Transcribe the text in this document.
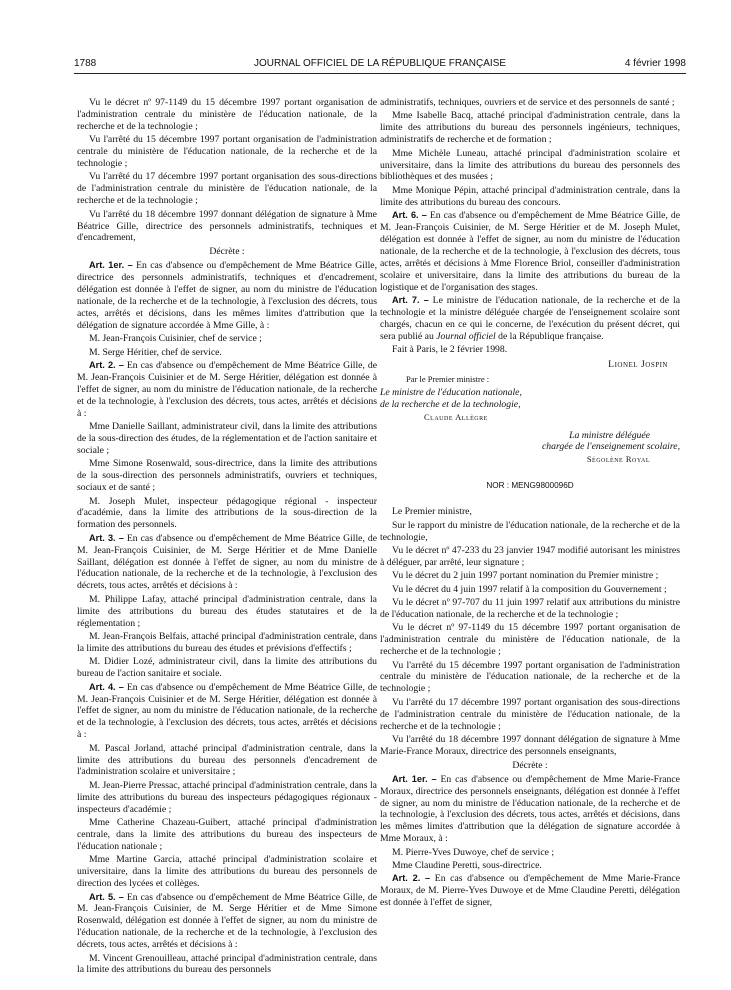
1788	JOURNAL OFFICIEL DE LA RÉPUBLIQUE FRANÇAISE	4 février 1998

Vu le décret nº 97-1149 du 15 décembre 1997 portant organisation de l'administration centrale du ministère de l'éducation nationale, de la recherche et de la technologie ;

Vu l'arrêté du 15 décembre 1997 portant organisation de l'administration centrale du ministère de l'éducation nationale, de la recherche et de la technologie ;

Vu l'arrêté du 17 décembre 1997 portant organisation des sous-directions de l'administration centrale du ministère de l'éducation nationale, de la recherche et de la technologie ;

Vu l'arrêté du 18 décembre 1997 donnant délégation de signature à Mme Béatrice Gille, directrice des personnels administratifs, techniques et d'encadrement,

Décrète :

Art. 1er. – En cas d'absence ou d'empêchement de Mme Béatrice Gille, directrice des personnels administratifs, techniques et d'encadrement, délégation est donnée à l'effet de signer, au nom du ministre de l'éducation nationale, de la recherche et de la technologie, à l'exclusion des décrets, tous actes, arrêtés et décisions, dans les mêmes limites d'attribution que la délégation de signature accordée à Mme Gille, à :

M. Jean-François Cuisinier, chef de service ;

M. Serge Héritier, chef de service.

Art. 2. – En cas d'absence ou d'empêchement de Mme Béatrice Gille, de M. Jean-François Cuisinier et de M. Serge Héritier, délégation est donnée à l'effet de signer, au nom du ministre de l'éducation nationale, de la recherche et de la technologie, à l'exclusion des décrets, tous actes, arrêtés et décisions à :

Mme Danielle Saillant, administrateur civil, dans la limite des attributions de la sous-direction des études, de la réglementation et de l'action sanitaire et sociale ;

Mme Simone Rosenwald, sous-directrice, dans la limite des attributions de la sous-direction des personnels administratifs, ouvriers et techniques, sociaux et de santé ;

M. Joseph Mulet, inspecteur pédagogique régional - inspecteur d'académie, dans la limite des attributions de la sous-direction de la formation des personnels.

Art. 3. – En cas d'absence ou d'empêchement de Mme Béatrice Gille, de M. Jean-François Cuisinier, de M. Serge Héritier et de Mme Danielle Saillant, délégation est donnée à l'effet de signer, au nom du ministre de l'éducation nationale, de la recherche et de la technologie, à l'exclusion des décrets, tous actes, arrêtés et décisions à :

M. Philippe Lafay, attaché principal d'administration centrale, dans la limite des attributions du bureau des études statutaires et de la réglementation ;

M. Jean-François Belfais, attaché principal d'administration centrale, dans la limite des attributions du bureau des études et prévisions d'effectifs ;

M. Didier Lozé, administrateur civil, dans la limite des attributions du bureau de l'action sanitaire et sociale.

Art. 4. – En cas d'absence ou d'empêchement de Mme Béatrice Gille, de M. Jean-François Cuisinier et de M. Serge Héritier, délégation est donnée à l'effet de signer, au nom du ministre de l'éducation nationale, de la recherche et de la technologie, à l'exclusion des décrets, tous actes, arrêtés et décisions à :

M. Pascal Jorland, attaché principal d'administration centrale, dans la limite des attributions du bureau des personnels d'encadrement de l'administration scolaire et universitaire ;

M. Jean-Pierre Pressac, attaché principal d'administration centrale, dans la limite des attributions du bureau des inspecteurs pédagogiques régionaux - inspecteurs d'académie ;

Mme Catherine Chazeau-Guibert, attaché principal d'administration centrale, dans la limite des attributions du bureau des inspecteurs de l'éducation nationale ;

Mme Martine Garcia, attaché principal d'administration scolaire et universitaire, dans la limite des attributions du bureau des personnels de direction des lycées et collèges.

Art. 5. – En cas d'absence ou d'empêchement de Mme Béatrice Gille, de M. Jean-François Cuisinier, de M. Serge Héritier et de Mme Simone Rosenwald, délégation est donnée à l'effet de signer, au nom du ministre de l'éducation nationale, de la recherche et de la technologie, à l'exclusion des décrets, tous actes, arrêtés et décisions à :

M. Vincent Grenouilleau, attaché principal d'administration centrale, dans la limite des attributions du bureau des personnels

administratifs, techniques, ouvriers et de service et des personnels de santé ;

Mme Isabelle Bacq, attaché principal d'administration centrale, dans la limite des attributions du bureau des personnels ingénieurs, techniques, administratifs de recherche et de formation ;

Mme Michèle Luneau, attaché principal d'administration scolaire et universitaire, dans la limite des attributions du bureau des personnels des bibliothèques et des musées ;

Mme Monique Pépin, attaché principal d'administration centrale, dans la limite des attributions du bureau des concours.

Art. 6. – En cas d'absence ou d'empêchement de Mme Béatrice Gille, de M. Jean-François Cuisinier, de M. Serge Héritier et de M. Joseph Mulet, délégation est donnée à l'effet de signer, au nom du ministre de l'éducation nationale, de la recherche et de la technologie, à l'exclusion des décrets, tous actes, arrêtés et décisions à Mme Florence Briol, conseiller d'administration scolaire et universitaire, dans la limite des attributions du bureau de la logistique et de l'organisation des stages.

Art. 7. – Le ministre de l'éducation nationale, de la recherche et de la technologie et la ministre déléguée chargée de l'enseignement scolaire sont chargés, chacun en ce qui le concerne, de l'exécution du présent décret, qui sera publié au Journal officiel de la République française.

Fait à Paris, le 2 février 1998.

Lionel Jospin

Par le Premier ministre :

Le ministre de l'éducation nationale,

de la recherche et de la technologie,

Claude Allègre

La ministre déléguée

chargée de l'enseignement scolaire,

Ségolène Royal

NOR : MENG9800096D

Le Premier ministre,

Sur le rapport du ministre de l'éducation nationale, de la recherche et de la technologie,

Vu le décret nº 47-233 du 23 janvier 1947 modifié autorisant les ministres à déléguer, par arrêté, leur signature ;

Vu le décret du 2 juin 1997 portant nomination du Premier ministre ;

Vu le décret du 4 juin 1997 relatif à la composition du Gouvernement ;

Vu le décret nº 97-707 du 11 juin 1997 relatif aux attributions du ministre de l'éducation nationale, de la recherche et de la technologie ;

Vu le décret nº 97-1149 du 15 décembre 1997 portant organisation de l'administration centrale du ministère de l'éducation nationale, de la recherche et de la technologie ;

Vu l'arrêté du 15 décembre 1997 portant organisation de l'administration centrale du ministère de l'éducation nationale, de la recherche et de la technologie ;

Vu l'arrêté du 17 décembre 1997 portant organisation des sous-directions de l'administration centrale du ministère de l'éducation nationale, de la recherche et de la technologie ;

Vu l'arrêté du 18 décembre 1997 donnant délégation de signature à Mme Marie-France Moraux, directrice des personnels enseignants,

Décrète :

Art. 1er. – En cas d'absence ou d'empêchement de Mme Marie-France Moraux, directrice des personnels enseignants, délégation est donnée à l'effet de signer, au nom du ministre de l'éducation nationale, de la recherche et de la technologie, à l'exclusion des décrets, tous actes, arrêtés et décisions, dans les mêmes limites d'attribution que la délégation de signature accordée à Mme Moraux, à :

M. Pierre-Yves Duwoye, chef de service ;

Mme Claudine Peretti, sous-directrice.

Art. 2. – En cas d'absence ou d'empêchement de Mme Marie-France Moraux, de M. Pierre-Yves Duwoye et de Mme Claudine Peretti, délégation est donnée à l'effet de signer,
